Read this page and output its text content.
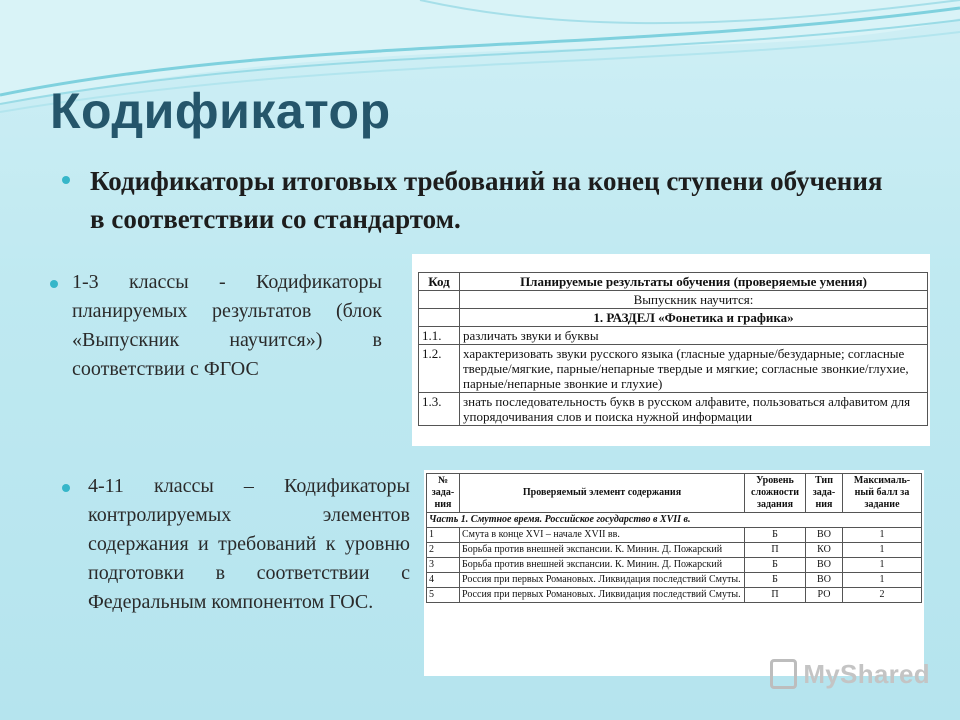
Кодификатор
Кодификаторы итоговых требований на конец ступени обучения в соответствии со стандартом.
1-3 классы - Кодификаторы планируемых результатов (блок «Выпускник научится») в соответствии с ФГОС
4-11 классы – Кодификаторы контролируемых элементов содержания и требований к уровню подготовки в соответствии с Федеральным компонентом ГОС.
Код	Планируемые результаты обучения (проверяемые умения)
	Выпускник научится:
	1. РАЗДЕЛ «Фонетика и графика»
1.1.	различать звуки и буквы
1.2.	характеризовать звуки русского языка (гласные ударные/безударные; согласные твердые/мягкие, парные/непарные твердые и мягкие; согласные звонкие/глухие, парные/непарные звонкие и глухие)
1.3.	знать последовательность букв в русском алфавите, пользоваться алфавитом для упорядочивания слов и поиска нужной информации
№ зада-ния	Проверяемый элемент содержания	Уровень сложности задания	Тип зада-ния	Максималь-ный балл за задание
Часть 1. Смутное время. Российское государство в XVII в.				
1	Смута в конце XVI – начале XVII вв.	Б	ВО	1
2	Борьба против внешней экспансии. К. Минин. Д. Пожарский	П	КО	1
3	Борьба против внешней экспансии. К. Минин. Д. Пожарский	Б	ВО	1
4	Россия при первых Романовых. Ликвидация последствий Смуты.	Б	ВО	1
5	Россия при первых Романовых. Ликвидация последствий Смуты.	П	РО	2
MyShared
